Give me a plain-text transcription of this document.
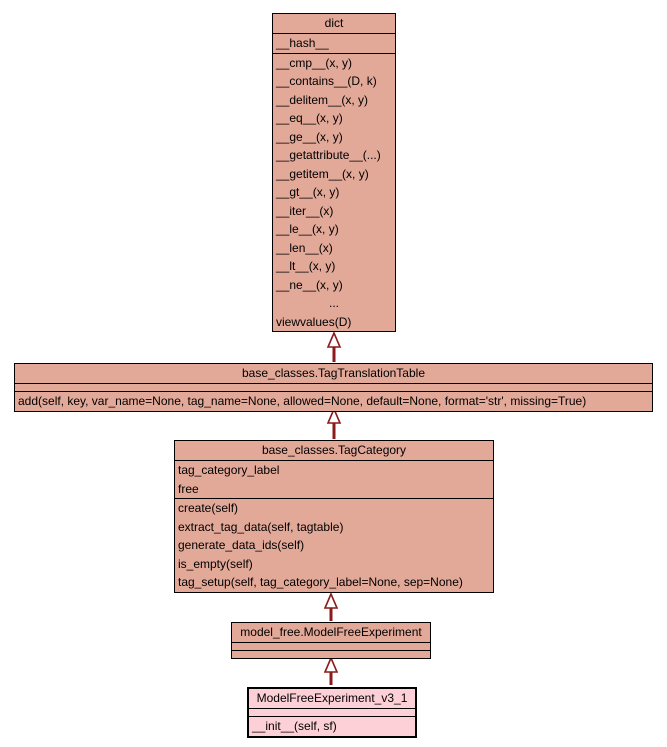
dict
__hash__
__cmp__(x, y)
__contains__(D, k)
__delitem__(x, y)
__eq__(x, y)
__ge__(x, y)
__getattribute__(...)
__getitem__(x, y)
__gt__(x, y)
__iter__(x)
__le__(x, y)
__len__(x)
__lt__(x, y)
__ne__(x, y)
...
viewvalues(D)
base_classes.TagTranslationTable
add(self, key, var_name=None, tag_name=None, allowed=None, default=None, format='str', missing=True)
base_classes.TagCategory
tag_category_label
free
create(self)
extract_tag_data(self, tagtable)
generate_data_ids(self)
is_empty(self)
tag_setup(self, tag_category_label=None, sep=None)
model_free.ModelFreeExperiment
ModelFreeExperiment_v3_1
__init__(self, sf)
